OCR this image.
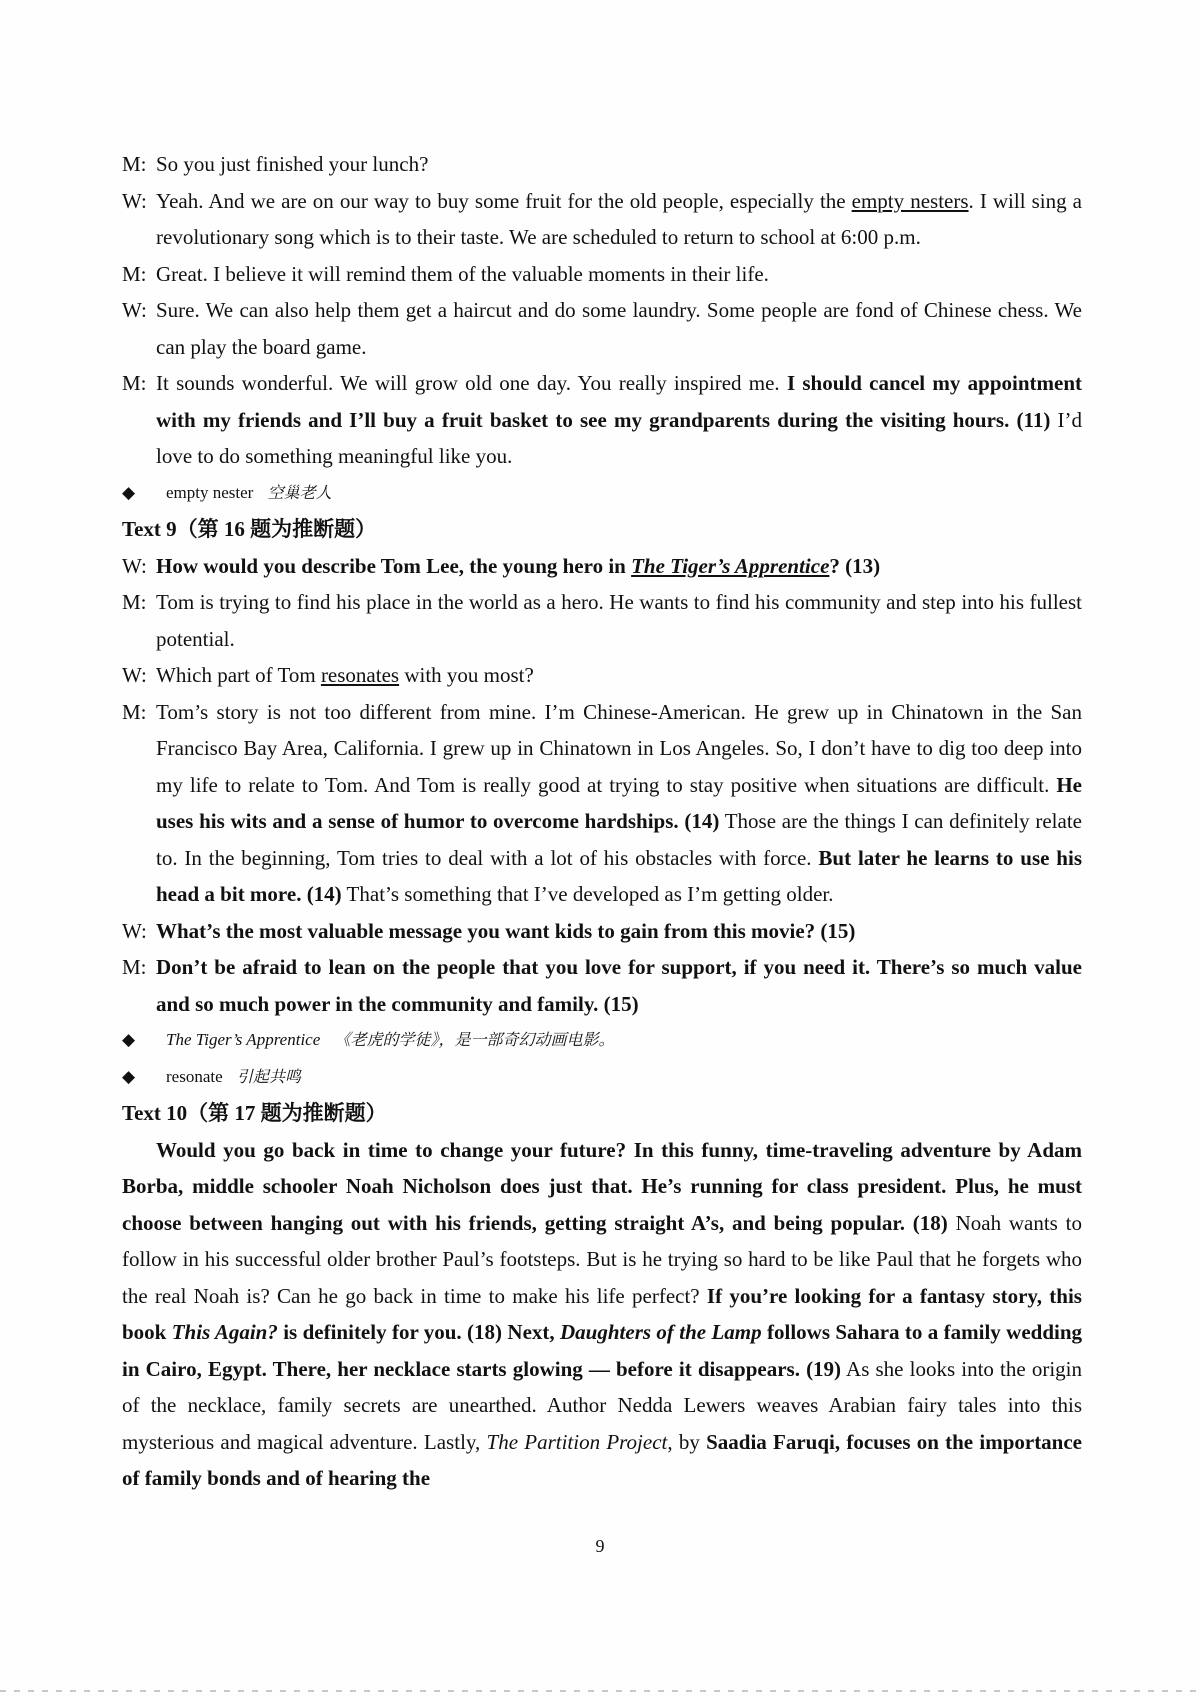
M: So you just finished your lunch?
W: Yeah. And we are on our way to buy some fruit for the old people, especially the empty nesters. I will sing a revolutionary song which is to their taste. We are scheduled to return to school at 6:00 p.m.
M: Great. I believe it will remind them of the valuable moments in their life.
W: Sure. We can also help them get a haircut and do some laundry. Some people are fond of Chinese chess. We can play the board game.
M: It sounds wonderful. We will grow old one day. You really inspired me. I should cancel my appointment with my friends and I’ll buy a fruit basket to see my grandparents during the visiting hours. (11) I’d love to do something meaningful like you.
◆ empty nester 空巢老人
Text 9（第 16 题为推断题）
W: How would you describe Tom Lee, the young hero in The Tiger’s Apprentice? (13)
M: Tom is trying to find his place in the world as a hero. He wants to find his community and step into his fullest potential.
W: Which part of Tom resonates with you most?
M: Tom’s story is not too different from mine. I’m Chinese-American. He grew up in Chinatown in the San Francisco Bay Area, California. I grew up in Chinatown in Los Angeles. So, I don’t have to dig too deep into my life to relate to Tom. And Tom is really good at trying to stay positive when situations are difficult. He uses his wits and a sense of humor to overcome hardships. (14) Those are the things I can definitely relate to. In the beginning, Tom tries to deal with a lot of his obstacles with force. But later he learns to use his head a bit more. (14) That’s something that I’ve developed as I’m getting older.
W: What’s the most valuable message you want kids to gain from this movie? (15)
M: Don’t be afraid to lean on the people that you love for support, if you need it. There’s so much value and so much power in the community and family. (15)
◆ The Tiger’s Apprentice 《老虎的学徒》，是一部奇幻动画电影。
◆ resonate 引起共鸣
Text 10（第 17 题为推断题）
Would you go back in time to change your future? In this funny, time-traveling adventure by Adam Borba, middle schooler Noah Nicholson does just that. He’s running for class president. Plus, he must choose between hanging out with his friends, getting straight A’s, and being popular. (18) Noah wants to follow in his successful older brother Paul’s footsteps. But is he trying so hard to be like Paul that he forgets who the real Noah is? Can he go back in time to make his life perfect? If you’re looking for a fantasy story, this book This Again? is definitely for you. (18) Next, Daughters of the Lamp follows Sahara to a family wedding in Cairo, Egypt. There, her necklace starts glowing — before it disappears. (19) As she looks into the origin of the necklace, family secrets are unearthed. Author Nedda Lewers weaves Arabian fairy tales into this mysterious and magical adventure. Lastly, The Partition Project, by Saadia Faruqi, focuses on the importance of family bonds and of hearing the
9
